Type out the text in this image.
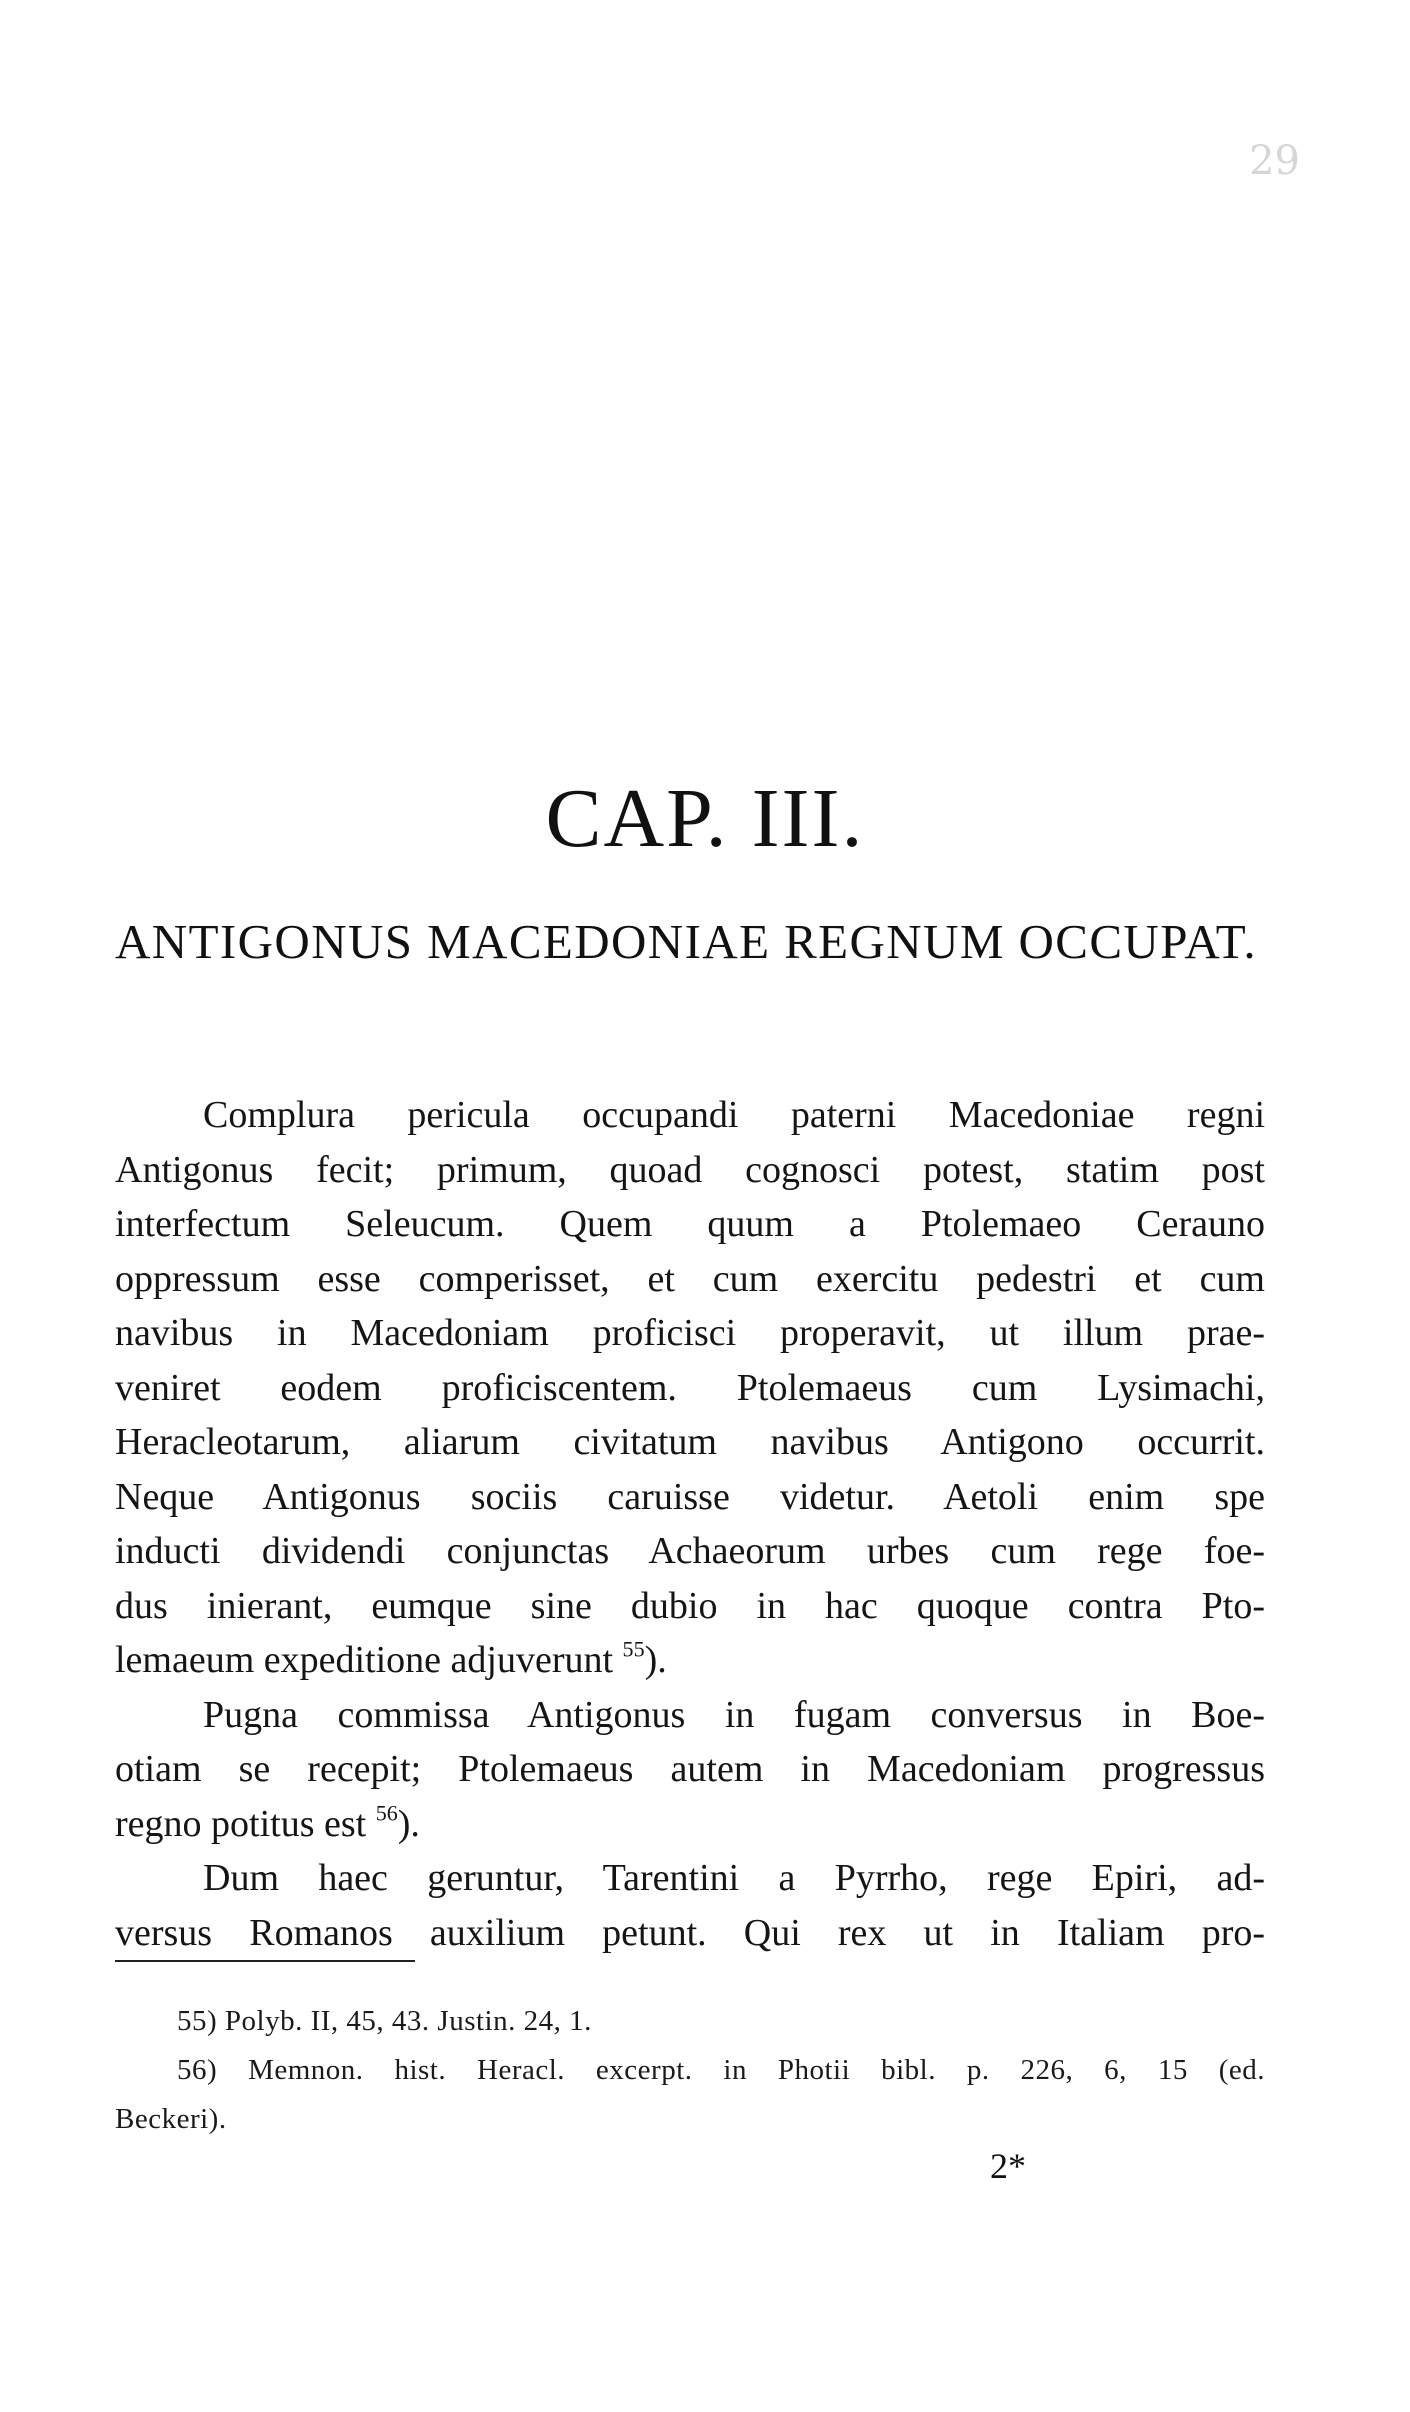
29
CAP. III.
ANTIGONUS MACEDONIAE REGNUM OCCUPAT.
Complura pericula occupandi paterni Macedoniae regni
Antigonus fecit; primum, quoad cognosci potest, statim post
interfectum Seleucum. Quem quum a Ptolemaeo Cerauno
oppressum esse comperisset, et cum exercitu pedestri et cum
navibus in Macedoniam proficisci properavit, ut illum prae-
veniret eodem proficiscentem. Ptolemaeus cum Lysimachi,
Heracleotarum, aliarum civitatum navibus Antigono occurrit.
Neque Antigonus sociis caruisse videtur. Aetoli enim spe
inducti dividendi conjunctas Achaeorum urbes cum rege foe-
dus inierant, eumque sine dubio in hac quoque contra Pto-
lemaeum expeditione adjuverunt $^{55}$).
Pugna commissa Antigonus in fugam conversus in Boe-
otiam se recepit; Ptolemaeus autem in Macedoniam progressus
regno potitus est $^{56}$).
Dum haec geruntur, Tarentini a Pyrrho, rege Epiri, ad-
versus Romanos auxilium petunt. Qui rex ut in Italiam pro-
55) Polyb. II, 45, 43. Justin. 24, 1.
56) Memnon. hist. Heracl. excerpt. in Photii bibl. p. 226, 6, 15 (ed.
Beckeri).
2*
